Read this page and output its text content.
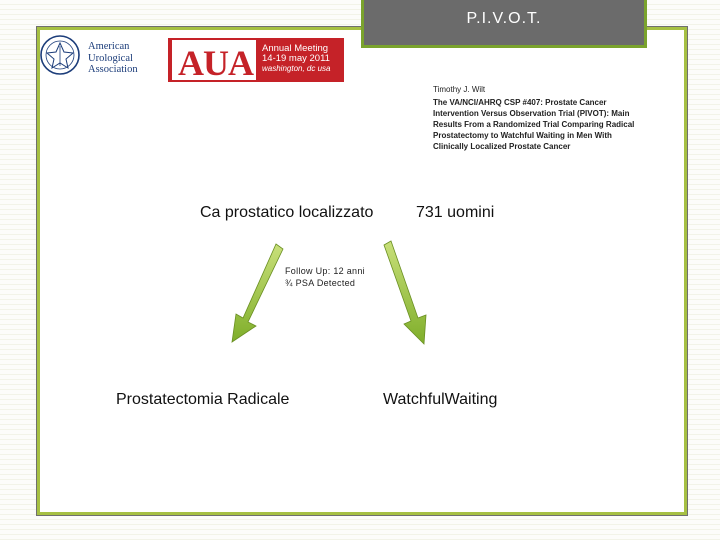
P.I.V.O.T.
American
Urological
Association AUA Annual Meeting
14-19 may 2011
washington, dc usa
Timothy J. Wilt
The VA/NCI/AHRQ CSP #407: Prostate Cancer Intervention Versus Observation Trial (PIVOT): Main Results From a Randomized Trial Comparing Radical Prostatectomy to Watchful Waiting in Men With Clinically Localized Prostate Cancer
Ca prostatico localizzato	731 uomini
Follow Up: 12 anni
¾ PSA Detected
Prostatectomia Radicale	WatchfulWaiting
